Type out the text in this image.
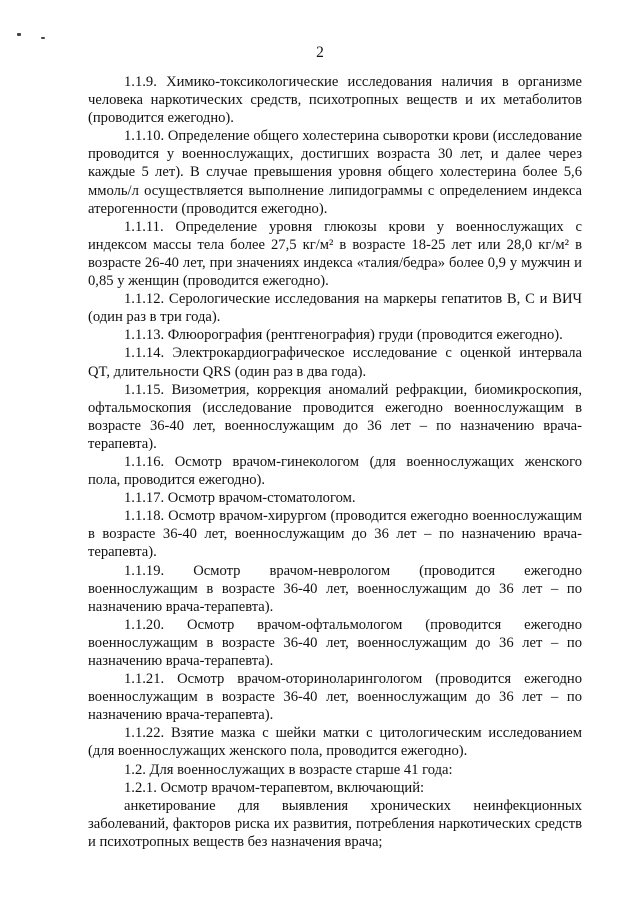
2

1.1.9. Химико-токсикологические исследования наличия в организме человека наркотических средств, психотропных веществ и их метаболитов (проводится ежегодно).

1.1.10. Определение общего холестерина сыворотки крови (исследование проводится у военнослужащих, достигших возраста 30 лет, и далее через каждые 5 лет). В случае превышения уровня общего холестерина более 5,6 ммоль/л осуществляется выполнение липидограммы с определением индекса атерогенности (проводится ежегодно).

1.1.11. Определение уровня глюкозы крови у военнослужащих с индексом массы тела более 27,5 кг/м² в возрасте 18-25 лет или 28,0 кг/м² в возрасте 26-40 лет, при значениях индекса «талия/бедра» более 0,9 у мужчин и 0,85 у женщин (проводится ежегодно).

1.1.12. Серологические исследования на маркеры гепатитов В, С и ВИЧ (один раз в три года).

1.1.13. Флюорография (рентгенография) груди (проводится ежегодно).

1.1.14. Электрокардиографическое исследование с оценкой интервала QT, длительности QRS (один раз в два года).

1.1.15. Визометрия, коррекция аномалий рефракции, биомикроскопия, офтальмоскопия (исследование проводится ежегодно военнослужащим в возрасте 36-40 лет, военнослужащим до 36 лет – по назначению врача-терапевта).

1.1.16. Осмотр врачом-гинекологом (для военнослужащих женского пола, проводится ежегодно).

1.1.17. Осмотр врачом-стоматологом.

1.1.18. Осмотр врачом-хирургом (проводится ежегодно военнослужащим в возрасте 36-40 лет, военнослужащим до 36 лет – по назначению врача-терапевта).

1.1.19. Осмотр врачом-неврологом (проводится ежегодно военнослужащим в возрасте 36-40 лет, военнослужащим до 36 лет – по назначению врача-терапевта).

1.1.20. Осмотр врачом-офтальмологом (проводится ежегодно военнослужащим в возрасте 36-40 лет, военнослужащим до 36 лет – по назначению врача-терапевта).

1.1.21. Осмотр врачом-оториноларингологом (проводится ежегодно военнослужащим в возрасте 36-40 лет, военнослужащим до 36 лет – по назначению врача-терапевта).

1.1.22. Взятие мазка с шейки матки с цитологическим исследованием (для военнослужащих женского пола, проводится ежегодно).

1.2. Для военнослужащих в возрасте старше 41 года:

1.2.1. Осмотр врачом-терапевтом, включающий:

анкетирование для выявления хронических неинфекционных заболеваний, факторов риска их развития, потребления наркотических средств и психотропных веществ без назначения врача;
